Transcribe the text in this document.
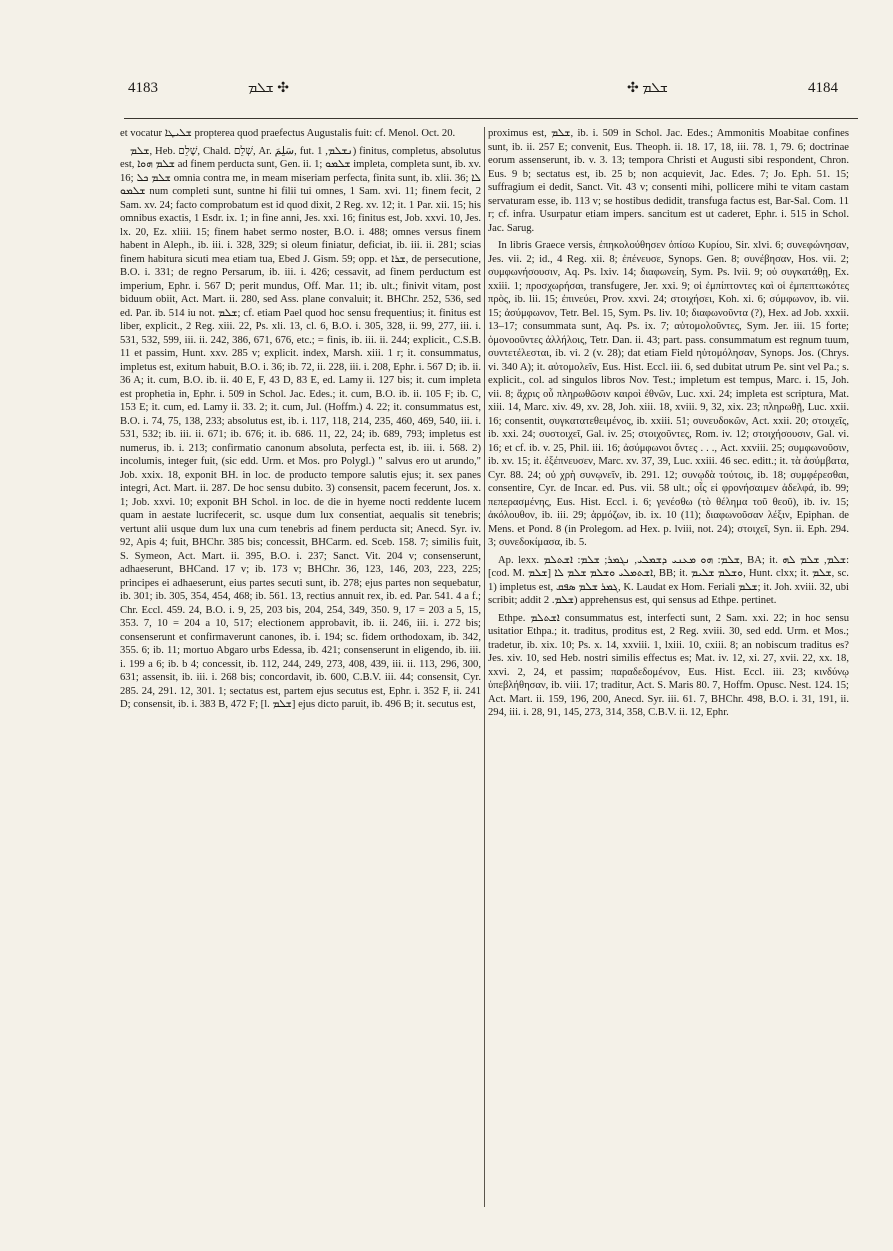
4183	ܫܠܡ ✣	✣ ܫܠܡ	4184

et vocatur ܫܠܝܛܐ propterea quod praefectus Augustalis fuit: cf. Menol. Oct. 20.

ܫܠܡ, Heb. שָׁלֵם, Chald. שְׁלֵם, Ar. سَلِمَ, fut. ܢܫܠܡ, 1) finitus, completus, absolutus est, ܫܠܡ ܗܘܐ ad finem perducta sunt, Gen. ii. 1; ܫܠܡܘ impleta, completa sunt, ib. xv. 16; ܫܠܡ ܟܠ omnia contra me, in meam miseriam perfecta, finita sunt, ib. xlii. 36; ܠܐ ܫܠܡܘ num completi sunt, suntne hi filii tui omnes, 1 Sam. xvi. 11; finem fecit, 2 Sam. xv. 24; facto comprobatum est id quod dixit, 2 Reg. xv. 12; it. 1 Par. xii. 15; his omnibus exactis, 1 Esdr. ix. 1; in fine anni, Jes. xxi. 16; finitus est, Job. xxvi. 10, Jes. lx. 20, Ez. xliii. 15; finem habet sermo noster, B.O. i. 488; omnes versus finem habent in Aleph., ib. iii. i. 328, 329; si oleum finiatur, deficiat, ib. iii. ii. 281; scias finem habitura sicuti mea etiam tua, Ebed J. Gism. 59; opp. et ܫܪܐ, de persecutione, B.O. i. 331; de regno Persarum, ib. iii. i. 426; cessavit, ad finem perductum est imperium, Ephr. i. 567 D; perit mundus, Off. Mar. 11; ib. ult.; finivit vitam, post biduum obiit, Act. Mart. ii. 280, sed Ass. plane convaluit; it. BHChr. 252, 536, sed ed. Par. ib. 514 iu not. ܫܠܡ; cf. etiam Pael quod hoc sensu frequentius; it. finitus est liber, explicit., 2 Reg. xiii. 22, Ps. xli. 13, cl. 6, B.O. i. 305, 328, ii. 99, 277, iii. i. 531, 532, 599, iii. ii. 242, 386, 671, 676, etc.; = finis, ib. iii. ii. 244; explicit., C.S.B. 11 et passim, Hunt. xxv. 285 v; explicit. index, Marsh. xiii. 1 r; it. consummatus, impletus est, exitum habuit, B.O. i. 36; ib. 72, ii. 228, iii. i. 208, Ephr. i. 567 D; ib. ii. 36 A; it. cum, B.O. ib. ii. 40 E, F, 43 D, 83 E, ed. Lamy ii. 127 bis; it. cum impleta est prophetia in, Ephr. i. 509 in Schol. Jac. Edes.; it. cum, B.O. ib. ii. 105 F; ib. C, 153 E; it. cum, ed. Lamy ii. 33. 2; it. cum, Jul. (Hoffm.) 4. 22; it. consummatus est, B.O. i. 74, 75, 138, 233; absolutus est, ib. i. 117, 118, 214, 235, 460, 469, 540, iii. i. 531, 532; ib. iii. ii. 671; ib. 676; it. ib. 686. 11, 22, 24; ib. 689, 793; impletus est numerus, ib. i. 213; confirmatio canonum absoluta, perfecta est, ib. iii. i. 568. 2) incolumis, integer fuit, (sic edd. Urm. et Mos. pro Polygl.) " salvus ero ut arundo," Job. xxix. 18, exponit BH. in loc. de producto tempore salutis ejus; it. sex panes integri, Act. Mart. ii. 287. De hoc sensu dubito. 3) consensit, pacem fecerunt, Jos. x. 1; Job. xxvi. 10; exponit BH Schol. in loc. de die in hyeme nocti reddente lucem quam in aestate lucrifecerit, sc. usque dum lux consentiat, aequalis sit tenebris; vertunt alii usque dum lux una cum tenebris ad finem perducta sit; Anecd. Syr. iv. 92, Apis 4; fuit, BHChr. 385 bis; concessit, BHCarm. ed. Sceb. 158. 7; similis fuit, S. Symeon, Act. Mart. ii. 395, B.O. i. 237; Sanct. Vit. 204 v; consenserunt, adhaeserunt, BHCand. 17 v; ib. 173 v; BHChr. 36, 123, 146, 203, 223, 225; principes ei adhaeserunt, eius partes secuti sunt, ib. 278; ejus partes non sequebatur, ib. 301; ib. 305, 354, 454, 468; ib. 561. 13, rectius annuit rex, ib. ed. Par. 541. 4 a f.; Chr. Eccl. 459. 24, B.O. i. 9, 25, 203 bis, 204, 254, 349, 350. 9, 17 = 203 a 5, 15, 353. 7, 10 = 204 a 10, 517; electionem approbavit, ib. ii. 246, iii. i. 272 bis; consenserunt et confirmaverunt canones, ib. i. 194; sc. fidem orthodoxam, ib. 342, 355. 6; ib. 11; mortuo Abgaro urbs Edessa, ib. 421; consenserunt in eligendo, ib. iii. i. 199 a 6; ib. b 4; concessit, ib. 112, 244, 249, 273, 408, 439, iii. ii. 113, 296, 300, 631; assensit, ib. iii. i. 268 bis; concordavit, ib. 600, C.B.V. iii. 44; consensit, Cyr. 285. 24, 291. 12, 301. 1; sectatus est, partem ejus secutus est, Ephr. i. 352 F, ii. 241 D; consensit, ib. i. 383 B, 472 F; [l. ܫܠܡ] ejus dicto paruit, ib. 496 B; it. secutus est,

proximus est, ܫܠܡ, ib. i. 509 in Schol. Jac. Edes.; Ammonitis Moabitae confines sunt, ib. ii. 257 E; convenit, Eus. Theoph. ii. 18. 17, 18, iii. 78. 1, 79. 6; doctrinae eorum assenserunt, ib. v. 3. 13; tempora Christi et Augusti sibi respondent, Chron. Eus. 9 b; sectatus est, ib. 25 b; non acquievit, Jac. Edes. 7; Jo. Eph. 51. 15; suffragium ei dedit, Sanct. Vit. 43 v; consenti mihi, pollicere mihi te vitam castam servaturam esse, ib. 113 v; se hostibus dedidit, transfuga factus est, Bar-Sal. Com. 11 r; cf. infra. Usurpatur etiam impers. sancitum est ut caderet, Ephr. i. 515 in Schol. Jac. Sarug.

In libris Graece versis, ἐπηκολούθησεν ὀπίσω Κυρίου, Sir. xlvi. 6; συνεφώνησαν, Jes. vii. 2; id., 4 Reg. xii. 8; ἐπένευσε, Synops. Gen. 8; συνέβησαν, Hos. vii. 2; συμφωνήσουσιν, Aq. Ps. lxiv. 14; διαφωνείη, Sym. Ps. lvii. 9; οὐ συγκατάθῃ, Ex. xxiii. 1; προσχωρήσαι, transfugere, Jer. xxi. 9; οἱ ἐμπίπτοντες καὶ οἱ ἐμπεπτωκότες πρὸς, ib. lii. 15; ἐπινεύει, Prov. xxvi. 24; στοιχήσει, Koh. xi. 6; σύμφωνον, ib. vii. 15; ἀσύμφωνον, Tetr. Bel. 15, Sym. Ps. liv. 10; διαφωνοῦντα (?), Hex. ad Job. xxxii. 13–17; consummata sunt, Aq. Ps. ix. 7; αὐτομολοῦντες, Sym. Jer. iii. 15 forte; ὁμονοοῦντες ἀλλήλοις, Tetr. Dan. ii. 43; part. pass. consummatum est regnum tuum, συντετέλεσται, ib. vi. 2 (v. 28); dat etiam Field ηὐτομόλησαν, Synops. Jos. (Chrys. vi. 340 A); it. αὐτομολεῖν, Eus. Hist. Eccl. iii. 6, sed dubitat utrum Pe. sint vel Pa.; s. explicit., col. ad singulos libros Nov. Test.; impletum est tempus, Marc. i. 15, Joh. vii. 8; ἄχρις οὗ πληρωθῶσιν καιροὶ ἐθνῶν, Luc. xxi. 24; impleta est scriptura, Mat. xiii. 14, Marc. xiv. 49, xv. 28, Joh. xiii. 18, xviii. 9, 32, xix. 23; πληρωθῇ, Luc. xxii. 16; consentit, συγκατατεθειμένος, ib. xxiii. 51; συνευδοκῶν, Act. xxii. 20; στοιχεῖς, ib. xxi. 24; συστοιχεῖ, Gal. iv. 25; στοιχοῦντες, Rom. iv. 12; στοιχήσουσιν, Gal. vi. 16; et cf. ib. v. 25, Phil. iii. 16; ἀσύμφωνοι ὄντες . . ., Act. xxviii. 25; συμφωνοῦσιν, ib. xv. 15; it. ἐξέπνευσεν, Marc. xv. 37, 39, Luc. xxiii. 46 sec. editt.; it. τὰ ἀσύμβατα, Cyr. 88. 24; οὐ χρὴ συνῳνεῖν, ib. 291. 12; συνῳδὰ τούτοις, ib. 18; συμφέρεσθαι, consentire, Cyr. de Incar. ed. Pus. vii. 58 ult.; οἷς εἰ φρονήσαιμεν ἀδελφά, ib. 99; πεπερασμένης, Eus. Hist. Eccl. i. 6; γενέσθω (τὸ θέλημα τοῦ θεοῦ), ib. iv. 15; ἀκόλουθον, ib. iii. 29; ἁρμόζων, ib. ix. 10 (11); διαφωνοῦσαν λέξιν, Epiphan. de Mens. et Pond. 8 (in Prolegom. ad Hex. p. lviii, not. 24); στοιχεῖ, Syn. ii. Eph. 294. 3; συνεδοκίμασα, ib. 5.

Ap. lexx. ܫܠܡ: ܗܘ ܡܥܢܝ ܕܫܡܠܝ, ܢܓܡܪ; ܫܠܡ: ܐܫܬܠܡ, BA; it. ܫܠܡ, ܫܠܡ ܠܗ: [cod. M. ܫܠܡ] ܐܫܬܡܠܝ ܘܫܠܡ ܫܠܡ ܠܐ, BB; it. ܘܫܠܡ ܫܠܝܡ, Hunt. clxx; it. ܫܠܡ, sc. 1) impletus est, ܓܡܪ ܫܠܡ ܣܦܩ, K. Laudat ex Hom. Feriali ܫܠܡ; it. Joh. xviii. 32, ubi scribit; addit ܫܠܡ. 2) apprehensus est, qui sensus ad Ethpe. pertinet.

Ethpe. ܐܫܬܠܡ consummatus est, interfecti sunt, 2 Sam. xxi. 22; in hoc sensu usitatior Ethpa.; it. traditus, proditus est, 2 Reg. xviii. 30, sed edd. Urm. et Mos.; tradetur, ib. xix. 10; Ps. x. 14, xxviii. 1, lxiii. 10, cxiii. 8; an nobiscum traditus es? Jes. xiv. 10, sed Heb. nostri similis effectus es; Mat. iv. 12, xi. 27, xvii. 22, xx. 18, xxvi. 2, 24, et passim; παραδεδομένον, Eus. Hist. Eccl. iii. 23; κινδύνῳ ὑπεβλήθησαν, ib. viii. 17; traditur, Act. S. Maris 80. 7, Hoffm. Opusc. Nest. 124. 15; Act. Mart. ii. 159, 196, 200, Anecd. Syr. iii. 61. 7, BHChr. 498, B.O. i. 31, 191, ii. 294, iii. i. 28, 91, 145, 273, 314, 358, C.B.V. ii. 12, Ephr.
